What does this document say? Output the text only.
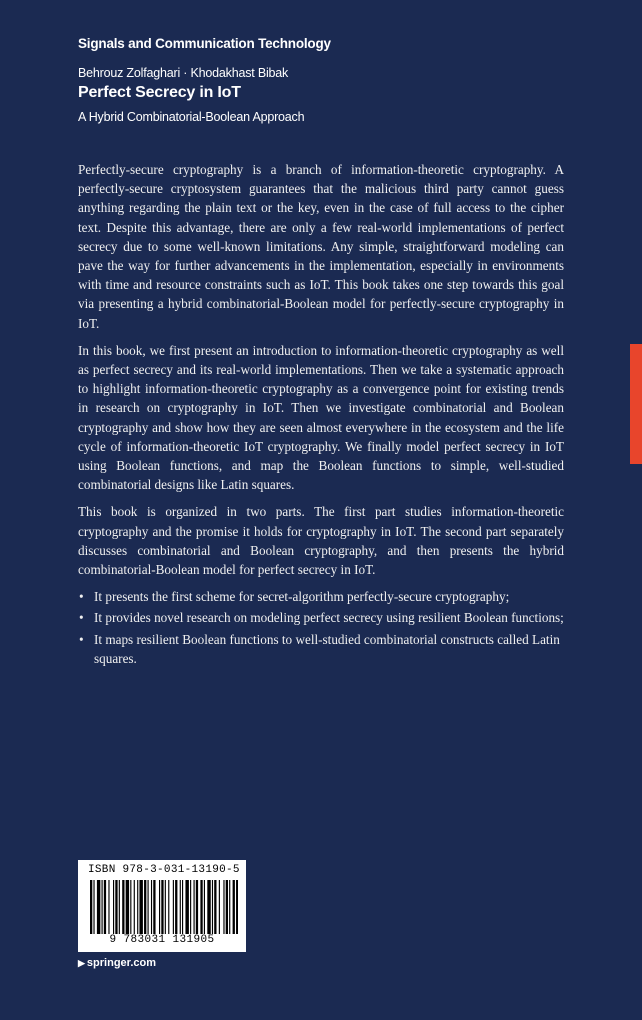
Signals and Communication Technology
Behrouz Zolfaghari · Khodakhast Bibak
Perfect Secrecy in IoT
A Hybrid Combinatorial-Boolean Approach

Perfectly-secure cryptography is a branch of information-theoretic cryptography. A perfectly-secure cryptosystem guarantees that the malicious third party cannot guess anything regarding the plain text or the key, even in the case of full access to the cipher text. Despite this advantage, there are only a few real-world implementations of perfect secrecy due to some well-known limitations. Any simple, straightforward modeling can pave the way for further advancements in the implementation, especially in environments with time and resource constraints such as IoT. This book takes one step towards this goal via presenting a hybrid combinatorial-Boolean model for perfectly-secure cryptography in IoT.

In this book, we first present an introduction to information-theoretic cryptography as well as perfect secrecy and its real-world implementations. Then we take a systematic approach to highlight information-theoretic cryptography as a convergence point for existing trends in research on cryptography in IoT. Then we investigate combinatorial and Boolean cryptography and show how they are seen almost everywhere in the ecosystem and the life cycle of information-theoretic IoT cryptography. We finally model perfect secrecy in IoT using Boolean functions, and map the Boolean functions to simple, well-studied combinatorial designs like Latin squares.

This book is organized in two parts. The first part studies information-theoretic cryptography and the promise it holds for cryptography in IoT. The second part separately discusses combinatorial and Boolean cryptography, and then presents the hybrid combinatorial-Boolean model for perfect secrecy in IoT.

• It presents the first scheme for secret-algorithm perfectly-secure cryptography;
• It provides novel research on modeling perfect secrecy using resilient Boolean functions;
• It maps resilient Boolean functions to well-studied combinatorial constructs called Latin squares.
ISBN 978-3-031-13190-5
9 783031 131905
▶ springer.com
